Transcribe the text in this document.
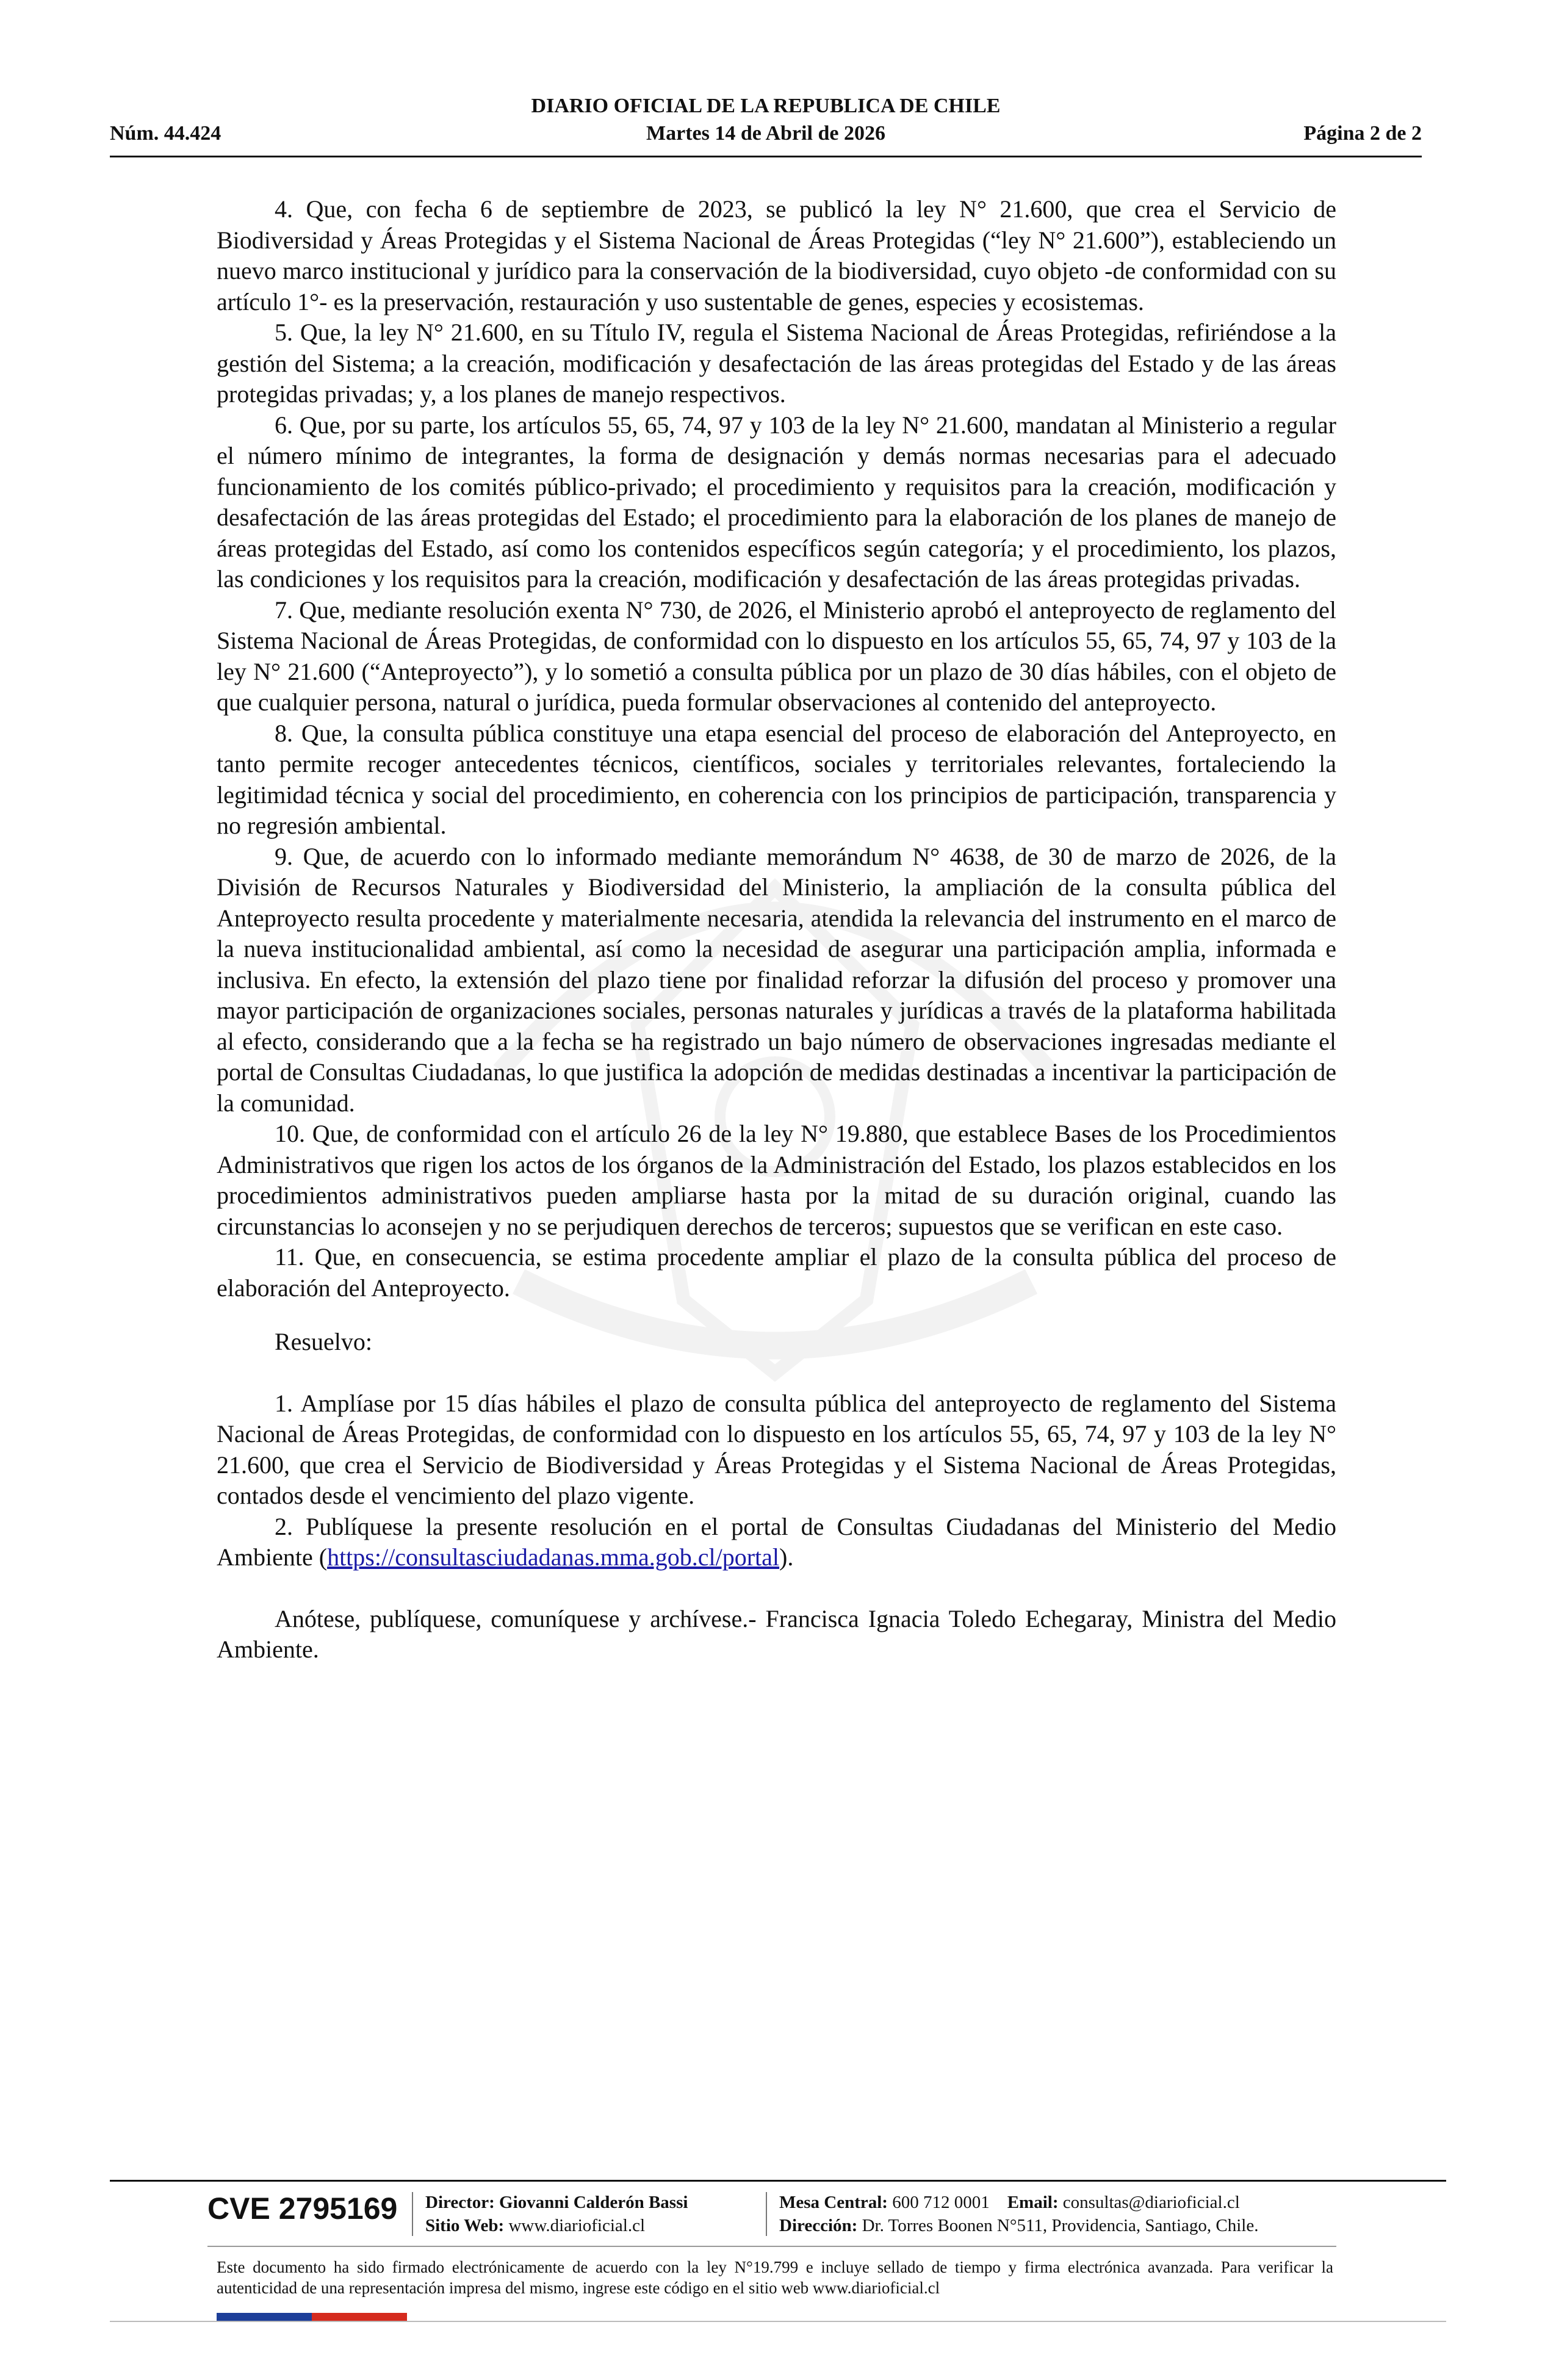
DIARIO OFICIAL DE LA REPUBLICA DE CHILE
Núm. 44.424	Martes 14 de Abril de 2026	Página 2 de 2

4. Que, con fecha 6 de septiembre de 2023, se publicó la ley N° 21.600, que crea el Servicio de Biodiversidad y Áreas Protegidas y el Sistema Nacional de Áreas Protegidas (“ley N° 21.600”), estableciendo un nuevo marco institucional y jurídico para la conservación de la biodiversidad, cuyo objeto -de conformidad con su artículo 1°- es la preservación, restauración y uso sustentable de genes, especies y ecosistemas.

5. Que, la ley N° 21.600, en su Título IV, regula el Sistema Nacional de Áreas Protegidas, refiriéndose a la gestión del Sistema; a la creación, modificación y desafectación de las áreas protegidas del Estado y de las áreas protegidas privadas; y, a los planes de manejo respectivos.

6. Que, por su parte, los artículos 55, 65, 74, 97 y 103 de la ley N° 21.600, mandatan al Ministerio a regular el número mínimo de integrantes, la forma de designación y demás normas necesarias para el adecuado funcionamiento de los comités público-privado; el procedimiento y requisitos para la creación, modificación y desafectación de las áreas protegidas del Estado; el procedimiento para la elaboración de los planes de manejo de áreas protegidas del Estado, así como los contenidos específicos según categoría; y el procedimiento, los plazos, las condiciones y los requisitos para la creación, modificación y desafectación de las áreas protegidas privadas.

7. Que, mediante resolución exenta N° 730, de 2026, el Ministerio aprobó el anteproyecto de reglamento del Sistema Nacional de Áreas Protegidas, de conformidad con lo dispuesto en los artículos 55, 65, 74, 97 y 103 de la ley N° 21.600 (“Anteproyecto”), y lo sometió a consulta pública por un plazo de 30 días hábiles, con el objeto de que cualquier persona, natural o jurídica, pueda formular observaciones al contenido del anteproyecto.

8. Que, la consulta pública constituye una etapa esencial del proceso de elaboración del Anteproyecto, en tanto permite recoger antecedentes técnicos, científicos, sociales y territoriales relevantes, fortaleciendo la legitimidad técnica y social del procedimiento, en coherencia con los principios de participación, transparencia y no regresión ambiental.

9. Que, de acuerdo con lo informado mediante memorándum N° 4638, de 30 de marzo de 2026, de la División de Recursos Naturales y Biodiversidad del Ministerio, la ampliación de la consulta pública del Anteproyecto resulta procedente y materialmente necesaria, atendida la relevancia del instrumento en el marco de la nueva institucionalidad ambiental, así como la necesidad de asegurar una participación amplia, informada e inclusiva. En efecto, la extensión del plazo tiene por finalidad reforzar la difusión del proceso y promover una mayor participación de organizaciones sociales, personas naturales y jurídicas a través de la plataforma habilitada al efecto, considerando que a la fecha se ha registrado un bajo número de observaciones ingresadas mediante el portal de Consultas Ciudadanas, lo que justifica la adopción de medidas destinadas a incentivar la participación de la comunidad.

10. Que, de conformidad con el artículo 26 de la ley N° 19.880, que establece Bases de los Procedimientos Administrativos que rigen los actos de los órganos de la Administración del Estado, los plazos establecidos en los procedimientos administrativos pueden ampliarse hasta por la mitad de su duración original, cuando las circunstancias lo aconsejen y no se perjudiquen derechos de terceros; supuestos que se verifican en este caso.

11. Que, en consecuencia, se estima procedente ampliar el plazo de la consulta pública del proceso de elaboración del Anteproyecto.

Resuelvo:

1. Amplíase por 15 días hábiles el plazo de consulta pública del anteproyecto de reglamento del Sistema Nacional de Áreas Protegidas, de conformidad con lo dispuesto en los artículos 55, 65, 74, 97 y 103 de la ley N° 21.600, que crea el Servicio de Biodiversidad y Áreas Protegidas y el Sistema Nacional de Áreas Protegidas, contados desde el vencimiento del plazo vigente.

2. Publíquese la presente resolución en el portal de Consultas Ciudadanas del Ministerio del Medio Ambiente (https://consultasciudadanas.mma.gob.cl/portal).

Anótese, publíquese, comuníquese y archívese.- Francisca Ignacia Toledo Echegaray, Ministra del Medio Ambiente.

CVE 2795169 Director: Giovanni Calderón Bassi
Sitio Web: www.diarioficial.cl
Mesa Central: 600 712 0001 Email: consultas@diarioficial.cl
Dirección: Dr. Torres Boonen N°511, Providencia, Santiago, Chile.
Este documento ha sido firmado electrónicamente de acuerdo con la ley N°19.799 e incluye sellado de tiempo y firma electrónica avanzada. Para verificar la autenticidad de una representación impresa del mismo, ingrese este código en el sitio web www.diarioficial.cl
